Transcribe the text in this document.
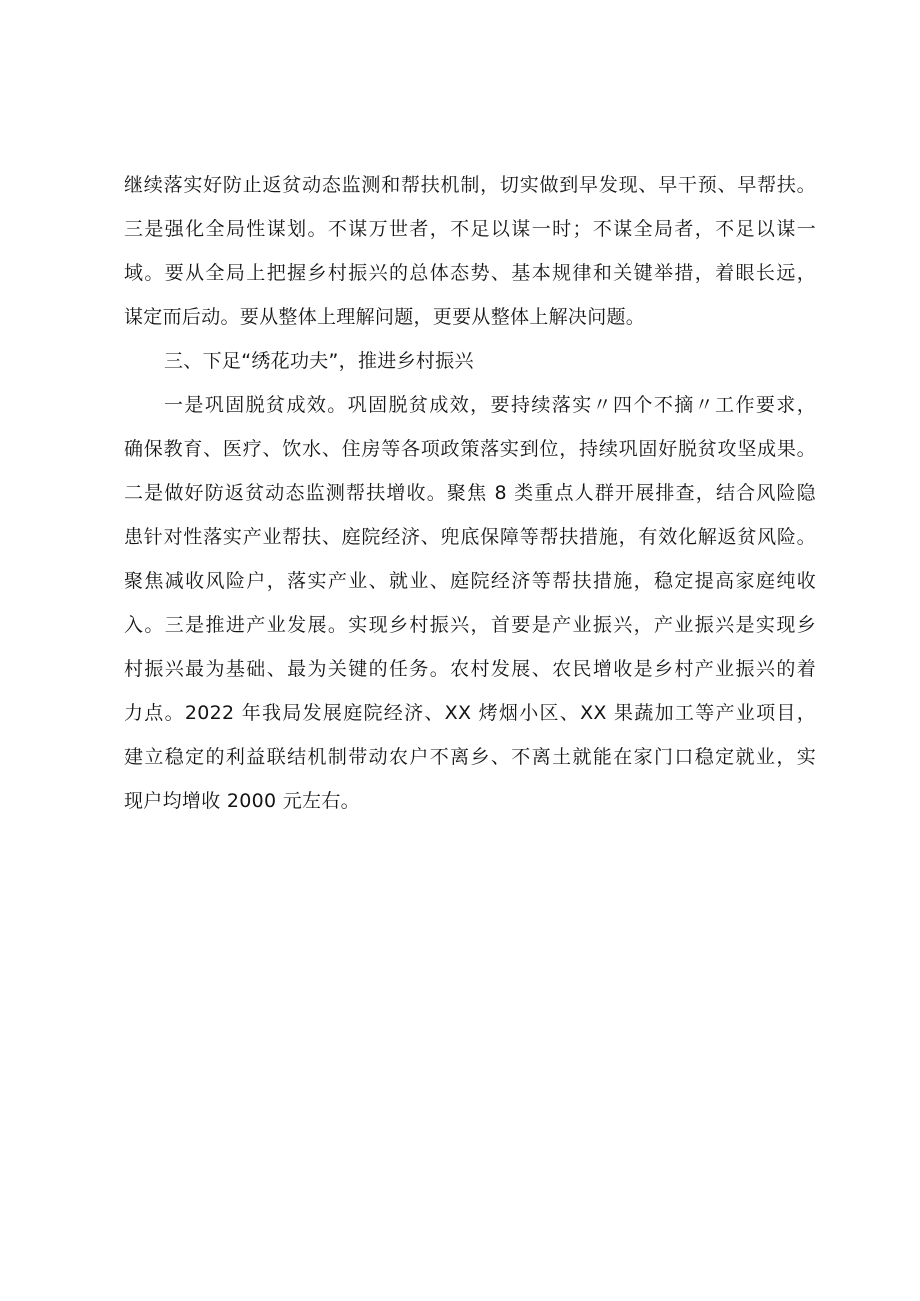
继续落实好防止返贫动态监测和帮扶机制，切实做到早发现、早干预、早帮扶。
三是强化全局性谋划。不谋万世者，不足以谋一时；不谋全局者，不足以谋一
域。要从全局上把握乡村振兴的总体态势、基本规律和关键举措，着眼长远，
谋定而后动。要从整体上理解问题，更要从整体上解决问题。
三、下足“绣花功夫”，推进乡村振兴
一是巩固脱贫成效。巩固脱贫成效，要持续落实〃四个不摘〃工作要求，
确保教育、医疗、饮水、住房等各项政策落实到位，持续巩固好脱贫攻坚成果。
二是做好防返贫动态监测帮扶增收。聚焦 8 类重点人群开展排查，结合风险隐
患针对性落实产业帮扶、庭院经济、兜底保障等帮扶措施，有效化解返贫风险。
聚焦减收风险户，落实产业、就业、庭院经济等帮扶措施，稳定提高家庭纯收
入。三是推进产业发展。实现乡村振兴，首要是产业振兴，产业振兴是实现乡
村振兴最为基础、最为关键的任务。农村发展、农民增收是乡村产业振兴的着
力点。2022 年我局发展庭院经济、XX 烤烟小区、XX 果蔬加工等产业项目，
建立稳定的利益联结机制带动农户不离乡、不离土就能在家门口稳定就业，实
现户均增收 2000 元左右。
